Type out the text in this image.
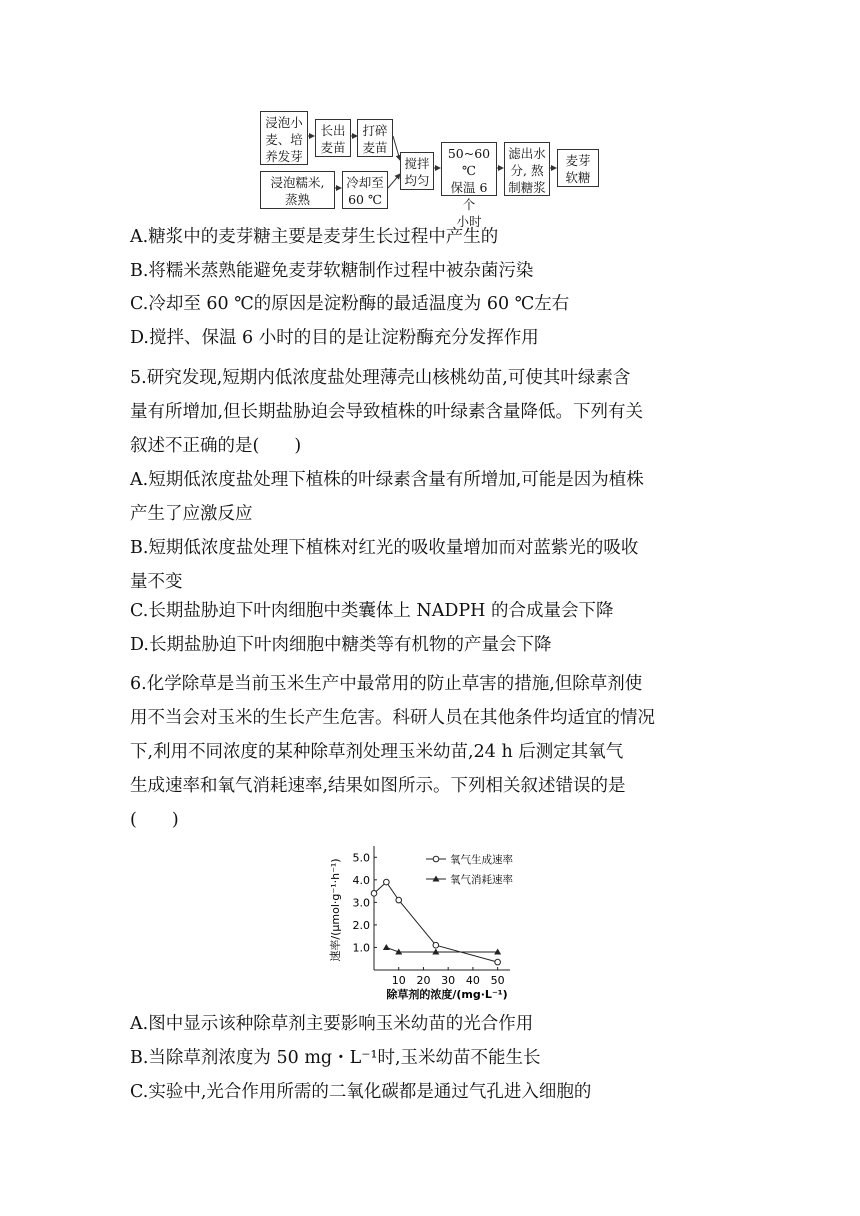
浸泡小
麦、培
养发芽
长出
麦苗
打碎
麦苗
浸泡糯米,
蒸熟
冷却至
60 ℃
搅拌
均匀
50~60 ℃
保温 6 个
小时
滤出水
分, 熬
制糖浆
麦芽
软糖
A.糖浆中的麦芽糖主要是麦芽生长过程中产生的
B.将糯米蒸熟能避免麦芽软糖制作过程中被杂菌污染
C.冷却至 60 ℃的原因是淀粉酶的最适温度为 60 ℃左右
D.搅拌、保温 6 小时的目的是让淀粉酶充分发挥作用
5.研究发现,短期内低浓度盐处理薄壳山核桃幼苗,可使其叶绿素含
量有所增加,但长期盐胁迫会导致植株的叶绿素含量降低。下列有关
叙述不正确的是(　　)
A.短期低浓度盐处理下植株的叶绿素含量有所增加,可能是因为植株
产生了应激反应
B.短期低浓度盐处理下植株对红光的吸收量增加而对蓝紫光的吸收
量不变
C.长期盐胁迫下叶肉细胞中类囊体上 NADPH 的合成量会下降
D.长期盐胁迫下叶肉细胞中糖类等有机物的产量会下降
6.化学除草是当前玉米生产中最常用的防止草害的措施,但除草剂使
用不当会对玉米的生长产生危害。科研人员在其他条件均适宜的情况
下,利用不同浓度的某种除草剂处理玉米幼苗,24 h 后测定其氧气
生成速率和氧气消耗速率,结果如图所示。下列相关叙述错误的是
(　　)
速率/(μmol·g⁻¹·h⁻¹)
除草剂的浓度/(mg·L⁻¹)
1.0
2.0
3.0
4.0
5.0
10 20 30 40 50
氧气生成速率
氧气消耗速率
A.图中显示该种除草剂主要影响玉米幼苗的光合作用
B.当除草剂浓度为 50 mg・L⁻¹时,玉米幼苗不能生长
C.实验中,光合作用所需的二氧化碳都是通过气孔进入细胞的
